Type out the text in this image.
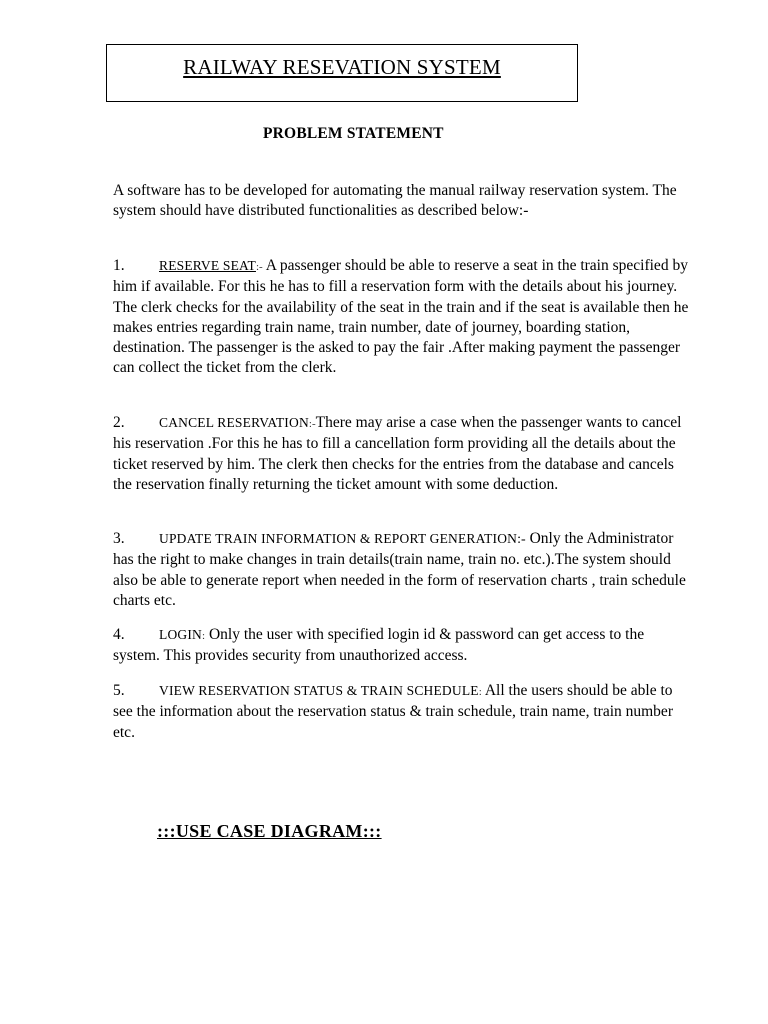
RAILWAY RESEVATION SYSTEM
PROBLEM STATEMENT

A software has to be developed for automating the manual railway reservation system. The system should have distributed functionalities as described below:-

1.	RESERVE SEAT:- A passenger should be able to reserve a seat in the train specified by him if available. For this he has to fill a reservation form with the details about his journey. The clerk checks for the availability of the seat in the train and if the seat is available then he makes entries regarding train name, train number, date of journey, boarding station, destination. The passenger is the asked to pay the fair .After making payment the passenger can collect the ticket from the clerk.

2.	CANCEL RESERVATION:-There may arise a case when the passenger wants to cancel his reservation .For this he has to fill a cancellation form providing all the details about the ticket reserved by him. The clerk then checks for the entries from the database and cancels the reservation finally returning the ticket amount with some deduction.

3.	UPDATE TRAIN INFORMATION & REPORT GENERATION:- Only the Administrator has the right to make changes in train details(train name, train no. etc.).The system should also be able to generate report when needed in the form of reservation charts , train schedule charts etc.

4.	LOGIN: Only the user with specified login id & password can get access to the system. This provides security from unauthorized access.

5.	VIEW RESERVATION STATUS & TRAIN SCHEDULE: All the users should be able to see the information about the reservation status & train schedule, train name, train number etc.

:::USE CASE DIAGRAM:::
